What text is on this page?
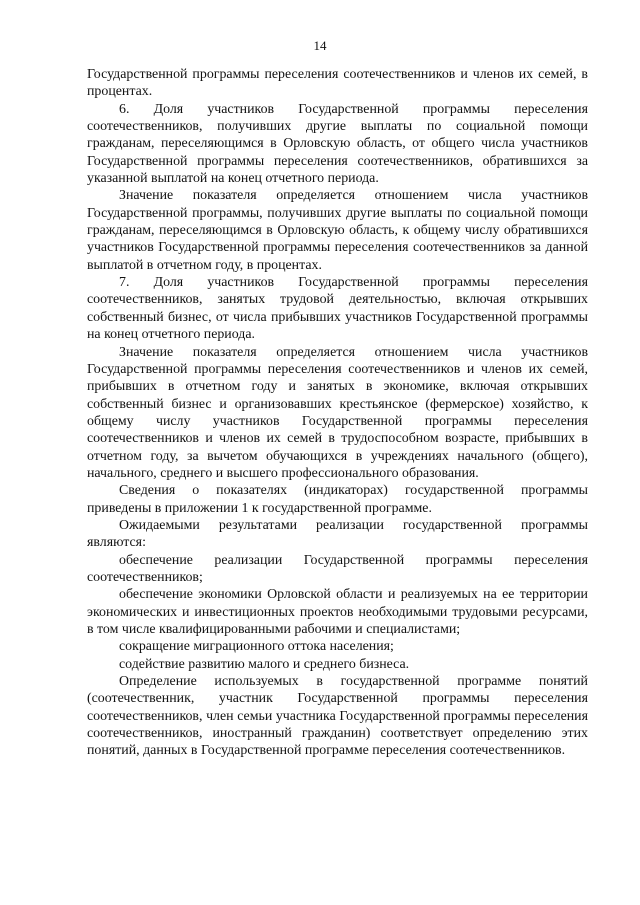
14

Государственной программы переселения соотечественников и членов их семей, в процентах.

6. Доля участников Государственной программы переселения соотечественников, получивших другие выплаты по социальной помощи гражданам, переселяющимся в Орловскую область, от общего числа участников Государственной программы переселения соотечественников, обратившихся за указанной выплатой на конец отчетного периода.

Значение показателя определяется отношением числа участников Государственной программы, получивших другие выплаты по социальной помощи гражданам, переселяющимся в Орловскую область, к общему числу обратившихся участников Государственной программы переселения соотечественников за данной выплатой в отчетном году, в процентах.

7. Доля участников Государственной программы переселения соотечественников, занятых трудовой деятельностью, включая открывших собственный бизнес, от числа прибывших участников Государственной программы на конец отчетного периода.

Значение показателя определяется отношением числа участников Государственной программы переселения соотечественников и членов их семей, прибывших в отчетном году и занятых в экономике, включая открывших собственный бизнес и организовавших крестьянское (фермерское) хозяйство, к общему числу участников Государственной программы переселения соотечественников и членов их семей в трудоспособном возрасте, прибывших в отчетном году, за вычетом обучающихся в учреждениях начального (общего), начального, среднего и высшего профессионального образования.

Сведения о показателях (индикаторах) государственной программы приведены в приложении 1 к государственной программе.

Ожидаемыми результатами реализации государственной программы являются:

обеспечение реализации Государственной программы переселения соотечественников;

обеспечение экономики Орловской области и реализуемых на ее территории экономических и инвестиционных проектов необходимыми трудовыми ресурсами, в том числе квалифицированными рабочими и специалистами;

сокращение миграционного оттока населения;

содействие развитию малого и среднего бизнеса.

Определение используемых в государственной программе понятий (соотечественник, участник Государственной программы переселения соотечественников, член семьи участника Государственной программы переселения соотечественников, иностранный гражданин) соответствует определению этих понятий, данных в Государственной программе переселения соотечественников.
